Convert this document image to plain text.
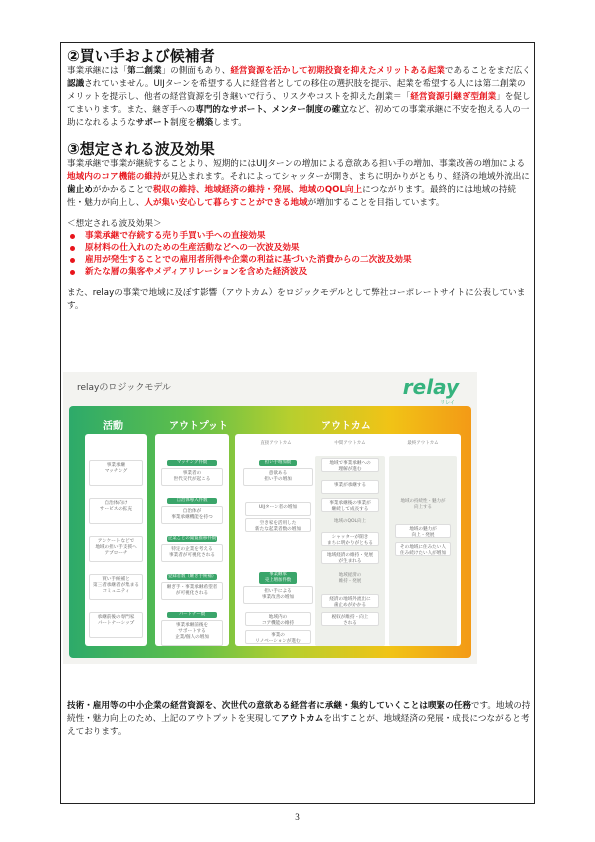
②買い手および候補者

事業承継には「第二創業」の側面もあり、経営資源を活かして初期投資を抑えたメリットある起業であることをまだ広く認識されていません。UIJターンを希望する人に経営者としての移住の選択肢を提示、起業を希望する人には第二創業のメリットを提示し、他者の経営資源を引き継いで行う、リスクやコストを抑えた創業＝「経営資源引継ぎ型創業」を促してまいります。また、継ぎ手への専門的なサポート、メンター制度の確立など、初めての事業承継に不安を抱える人の一助になれるようなサポート制度を構築します。

③想定される波及効果

事業承継で事業が継続することより、短期的にはUIJターンの増加による意欲ある担い手の増加、事業改善の増加による地域内のコア機能の維持が見込まれます。それによってシャッターが開き、まちに明かりがともり、経済の地域外流出に歯止めがかかることで税収の維持、地域経済の維持・発展、地域のQOL向上につながります。最終的には地域の持続性・魅力が向上し、人が集い安心して暮らすことができる地域が増加することを目指しています。

＜想定される波及効果＞
事業承継で存続する売り手買い手への直接効果
原材料の仕入れのための生産活動などへの一次波及効果
雇用が発生することでの雇用者所得や企業の利益に基づいた消費からの二次波及効果
新たな層の集客やメディアリレーションを含めた経済波及

また、relayの事業で地域に及ぼす影響（アウトカム）をロジックモデルとして弊社コーポレートサイトに公表しています。

relayのロジックモデル	relay
リレイ
活動	アウトプット	アウトカム
直接アウトカム	中間アウトカム	最終アウトカム
事業承継
マッチング
自治体向け
サービスの拡充
アンケートなどで
地域の担い手支援へ
アプローチ
買い手候補と
第三者承継者が集まる
コミュニティ
承継前後の専門家
パートナーシップ
マッチング件数
事業者の
世代交代が起こる
自治体導入件数
自治体が
事業承継機能を持つ
企業ごとの閲覧推移件数
特定の企業を考える
事業者が可視化される
登録者数（継ぎ手候補）
継ぎ手・事業承継希望者
が可視化される
パートナー数
事業承継前後を
サポートする
企業/個人の増加
担い手増加数
意欲ある
担い手の増加
UIJターン者の増加
空き家を活用した
新たな起業者数の増加
事業継承
売上増加件数
担い手による
事業改善の増加
地域内の
コア機能の維持
事業の
リノベーションが進む
地域で事業承継への
理解が進む
事業が承継する
事業承継後の事業が
継続して成長する
地域のQOL向上
シャッターが開き
まちに明かりがともる
地域経済の維持・発展
が生まれる
地域経済の
維持・発展
経済の地域外流出に
歯止めがかかる
税収が維持・向上
される
地域の持続性・魅力が
向上する
地域の魅力が
向上・発展
その地域に住みたい人
住み続けたい人が増加

技術・雇用等の中小企業の経営資源を、次世代の意欲ある経営者に承継・集約していくことは喫緊の任務です。地域の持続性・魅力向上のため、上記のアウトプットを実現してアウトカムを出すことが、地域経済の発展・成長につながると考えております。

3
